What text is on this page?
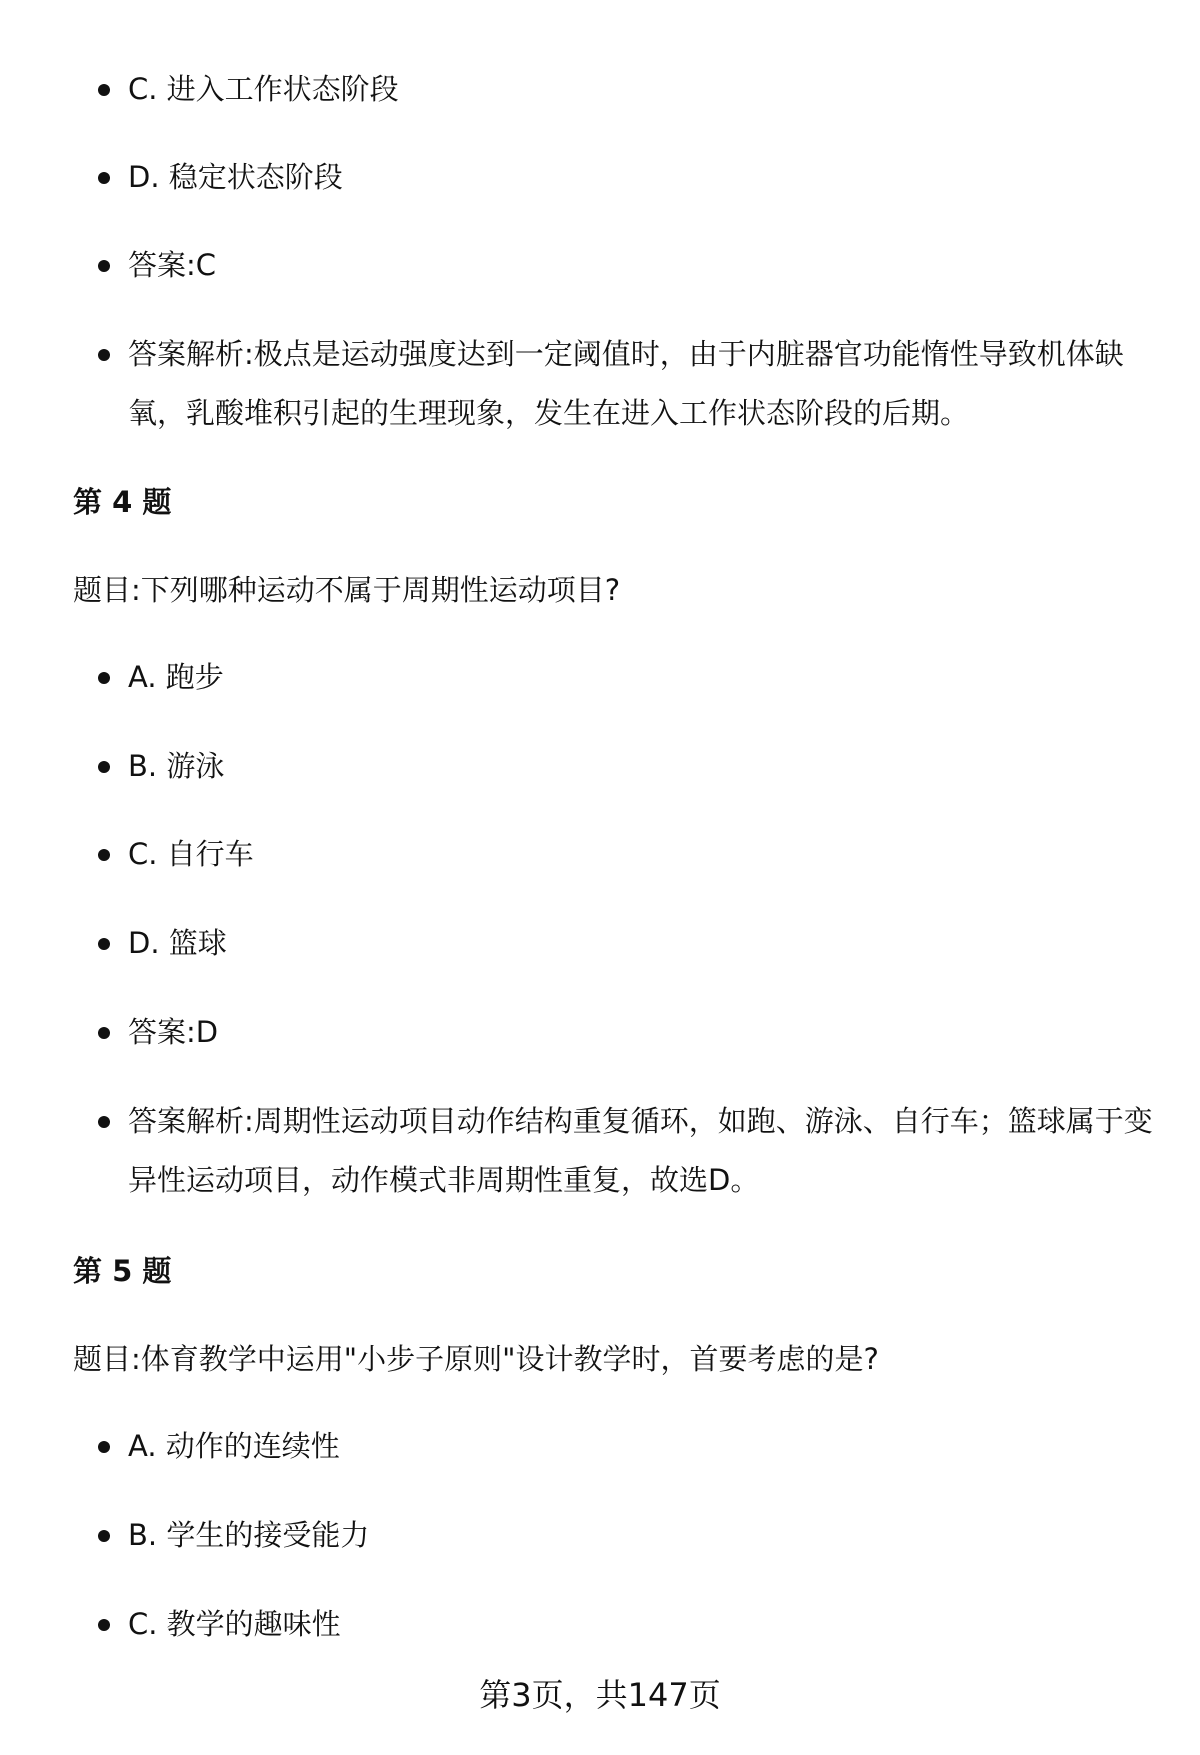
C. 进入工作状态阶段
D. 稳定状态阶段
答案:C
答案解析:极点是运动强度达到一定阈值时，由于内脏器官功能惰性导致机体缺氧，乳酸堆积引起的生理现象，发生在进入工作状态阶段的后期。
第 4 题
题目:下列哪种运动不属于周期性运动项目?
A. 跑步
B. 游泳
C. 自行车
D. 篮球
答案:D
答案解析:周期性运动项目动作结构重复循环，如跑、游泳、自行车；篮球属于变异性运动项目，动作模式非周期性重复，故选D。
第 5 题
题目:体育教学中运用"小步子原则"设计教学时，首要考虑的是?
A. 动作的连续性
B. 学生的接受能力
C. 教学的趣味性
第3页，共147页
